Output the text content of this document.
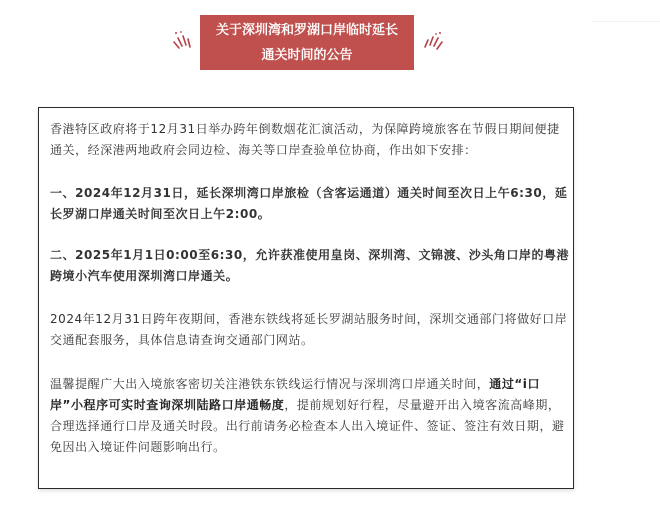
关于深圳湾和罗湖口岸临时延长
通关时间的公告

香港特区政府将于12月31日举办跨年倒数烟花汇演活动，为保障跨境旅客在节假日期间便捷通关，经深港两地政府会同边检、海关等口岸查验单位协商，作出如下安排：

一、2024年12月31日，延长深圳湾口岸旅检（含客运通道）通关时间至次日上午6:30，延长罗湖口岸通关时间至次日上午2:00。

二、2025年1月1日0:00至6:30，允许获准使用皇岗、深圳湾、文锦渡、沙头角口岸的粤港跨境小汽车使用深圳湾口岸通关。

2024年12月31日跨年夜期间，香港东铁线将延长罗湖站服务时间，深圳交通部门将做好口岸交通配套服务，具体信息请查询交通部门网站。

温馨提醒广大出入境旅客密切关注港铁东铁线运行情况与深圳湾口岸通关时间，通过“i口岸”小程序可实时查询深圳陆路口岸通畅度，提前规划好行程，尽量避开出入境客流高峰期，合理选择通行口岸及通关时段。出行前请务必检查本人出入境证件、签证、签注有效日期，避免因出入境证件问题影响出行。
